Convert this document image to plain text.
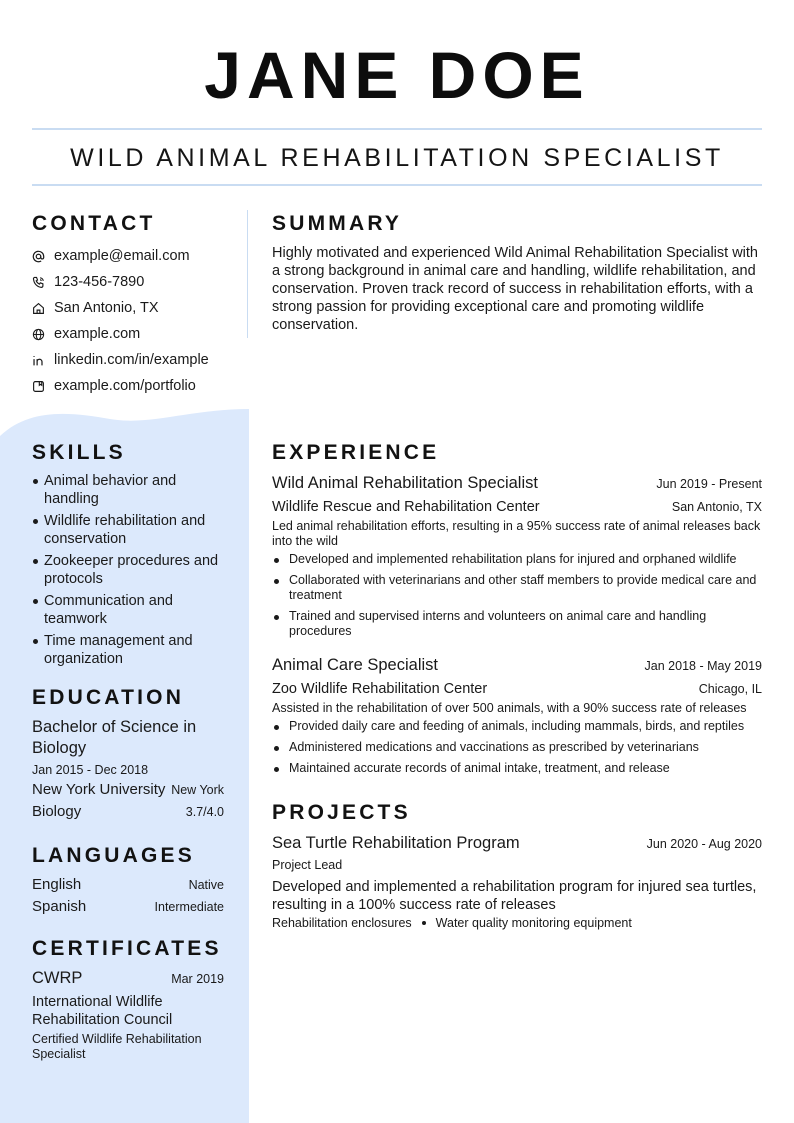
JANE DOE
WILD ANIMAL REHABILITATION SPECIALIST
CONTACT
example@email.com
123-456-7890
San Antonio, TX
example.com
linkedin.com/in/example
example.com/portfolio
SKILLS
Animal behavior and handling
Wildlife rehabilitation and conservation
Zookeeper procedures and protocols
Communication and teamwork
Time management and organization
EDUCATION
Bachelor of Science in Biology
Jan 2015 - Dec 2018
New York University New York
Biology	3.7/4.0
LANGUAGES
English	Native
Spanish	Intermediate
CERTIFICATES
CWRP	Mar 2019
International Wildlife Rehabilitation Council
Certified Wildlife Rehabilitation Specialist
SUMMARY
Highly motivated and experienced Wild Animal Rehabilitation Specialist with a strong background in animal care and handling, wildlife rehabilitation, and conservation. Proven track record of success in rehabilitation efforts, with a strong passion for providing exceptional care and promoting wildlife conservation.
EXPERIENCE
Wild Animal Rehabilitation Specialist	Jun 2019 - Present
Wildlife Rescue and Rehabilitation Center	San Antonio, TX
Led animal rehabilitation efforts, resulting in a 95% success rate of animal releases back into the wild
Developed and implemented rehabilitation plans for injured and orphaned wildlife
Collaborated with veterinarians and other staff members to provide medical care and treatment
Trained and supervised interns and volunteers on animal care and handling procedures
Animal Care Specialist	Jan 2018 - May 2019
Zoo Wildlife Rehabilitation Center	Chicago, IL
Assisted in the rehabilitation of over 500 animals, with a 90% success rate of releases
Provided daily care and feeding of animals, including mammals, birds, and reptiles
Administered medications and vaccinations as prescribed by veterinarians
Maintained accurate records of animal intake, treatment, and release
PROJECTS
Sea Turtle Rehabilitation Program	Jun 2020 - Aug 2020
Project Lead
Developed and implemented a rehabilitation program for injured sea turtles, resulting in a 100% success rate of releases
Rehabilitation enclosures Water quality monitoring equipment
